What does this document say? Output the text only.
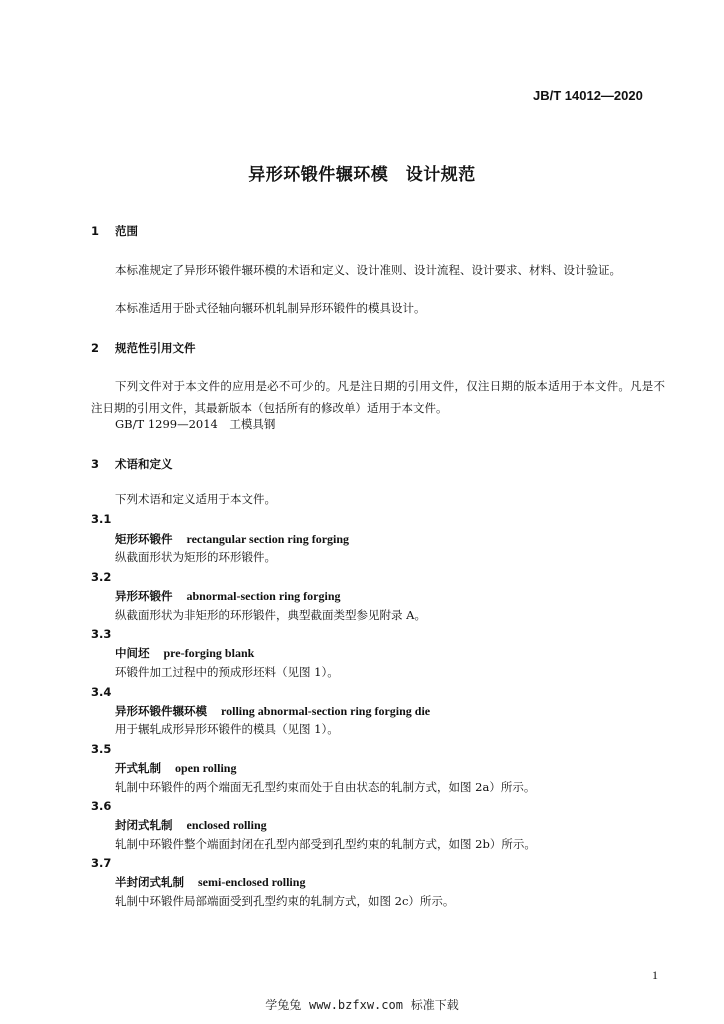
JB/T 14012—2020
异形环锻件辗环模　设计规范
1 范围
本标准规定了异形环锻件辗环模的术语和定义、设计准则、设计流程、设计要求、材料、设计验证。
本标准适用于卧式径轴向辗环机轧制异形环锻件的模具设计。
2 规范性引用文件
下列文件对于本文件的应用是必不可少的。凡是注日期的引用文件，仅注日期的版本适用于本文件。凡是不注日期的引用文件，其最新版本（包括所有的修改单）适用于本文件。
GB/T 1299—2014　工模具钢
3 术语和定义
下列术语和定义适用于本文件。
3.1
矩形环锻件 rectangular section ring forging
纵截面形状为矩形的环形锻件。
3.2
异形环锻件 abnormal-section ring forging
纵截面形状为非矩形的环形锻件，典型截面类型参见附录 A。
3.3
中间坯 pre-forging blank
环锻件加工过程中的预成形坯料（见图 1）。
3.4
异形环锻件辗环模 rolling abnormal-section ring forging die
用于辗轧成形异形环锻件的模具（见图 1）。
3.5
开式轧制 open rolling
轧制中环锻件的两个端面无孔型约束而处于自由状态的轧制方式，如图 2a）所示。
3.6
封闭式轧制 enclosed rolling
轧制中环锻件整个端面封闭在孔型内部受到孔型约束的轧制方式，如图 2b）所示。
3.7
半封闭式轧制 semi-enclosed rolling
轧制中环锻件局部端面受到孔型约束的轧制方式，如图 2c）所示。
1
学兔兔 www.bzfxw.com 标准下载
